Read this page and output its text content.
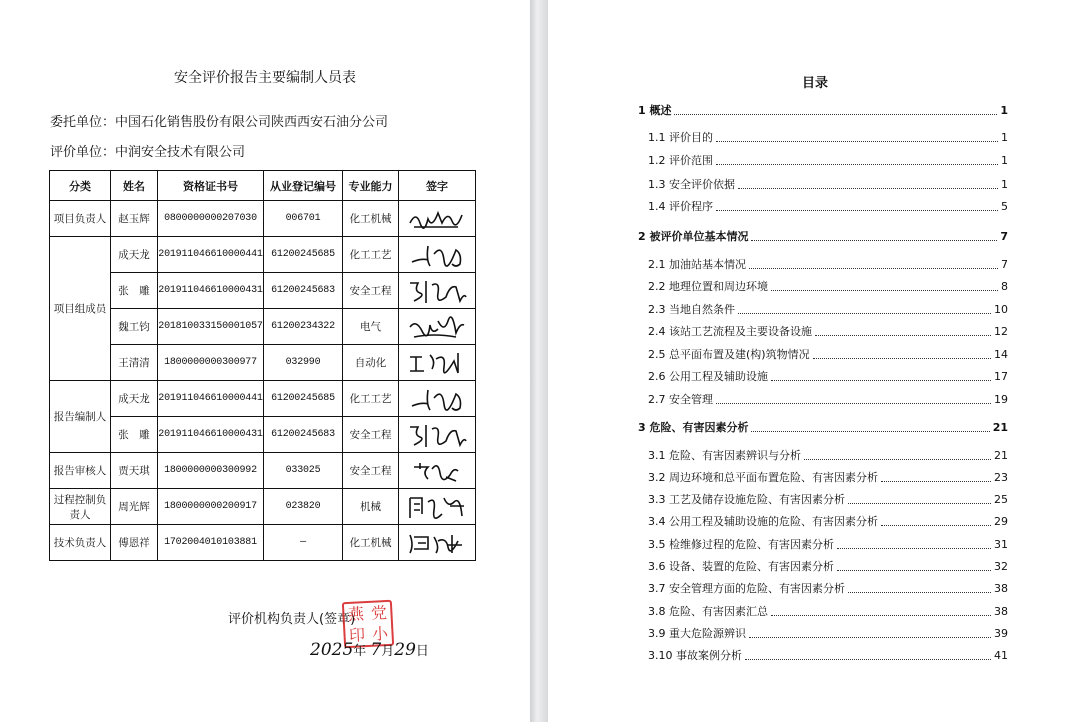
安全评价报告主要编制人员表
委托单位：中国石化销售股份有限公司陕西西安石油分公司
评价单位：中润安全技术有限公司
分类	姓名	资格证书号	从业登记编号	专业能力	签字
项目负责人	赵玉辉	0800000000207030	006701	化工机械	

项目组成员	成天龙	201911046610000441	61200245685	化工工艺	

	张　雕	201911046610000431	61200245683	安全工程	

	魏工钧	201810033150001057	61200234322	电气	

	王清清	1800000000300977	032990	自动化	

报告编制人	成天龙	201911046610000441	61200245685	化工工艺	

	张　雕	201911046610000431	61200245683	安全工程	

报告审核人	贾天琪	1800000000300992	033025	安全工程	

过程控制负责人	周光辉	1800000000200917	023820	机械	

技术负责人	傅恩祥	1702004010103881	—	化工机械	
评价机构负责人(签章)
燕 党
印 小
2025年 7月29日
目录
1 概述	1
1.1 评价目的	1
1.2 评价范围	1
1.3 安全评价依据	1
1.4 评价程序	5
2 被评价单位基本情况	7
2.1 加油站基本情况	7
2.2 地理位置和周边环境	8
2.3 当地自然条件	10
2.4 该站工艺流程及主要设备设施	12
2.5 总平面布置及建(构)筑物情况	14
2.6 公用工程及辅助设施	17
2.7 安全管理	19
3 危险、有害因素分析	21
3.1 危险、有害因素辨识与分析	21
3.2 周边环境和总平面布置危险、有害因素分析	23
3.3 工艺及储存设施危险、有害因素分析	25
3.4 公用工程及辅助设施的危险、有害因素分析	29
3.5 检维修过程的危险、有害因素分析	31
3.6 设备、装置的危险、有害因素分析	32
3.7 安全管理方面的危险、有害因素分析	38
3.8 危险、有害因素汇总	38
3.9 重大危险源辨识	39
3.10 事故案例分析	41
